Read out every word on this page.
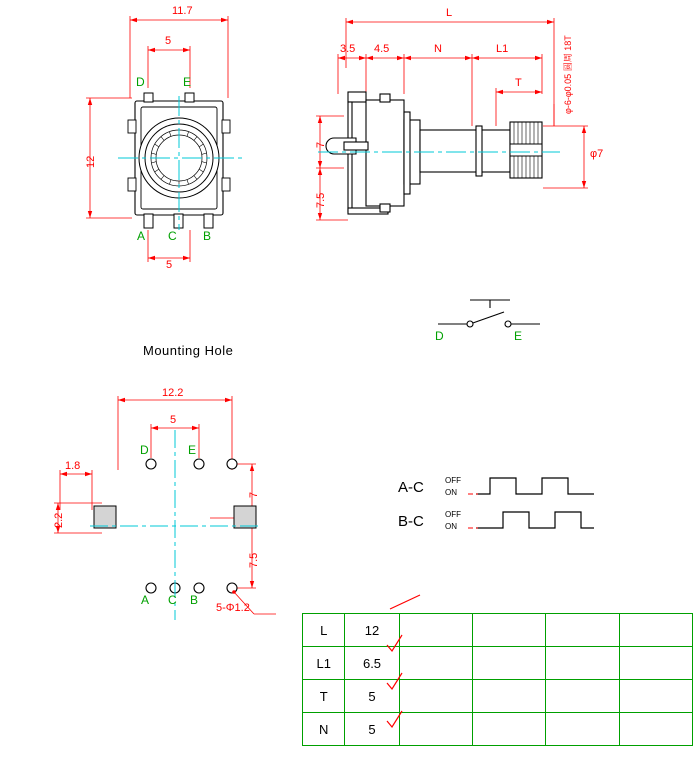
11.7
5
12
5
D	E
A C B
L
3.5 4.5	N	L1
T	φ‐6-φ0.05 圆周 18T
φ7
7
7.5
D	E
Mounting Hole
12.2
5
1.8
2.2
7
7.5
5-Φ1.2
D	E
A C B
A-C	OFF
ON
B-C	OFF
ON
L	12				
L1	6.5				
T	5				
N	5				
